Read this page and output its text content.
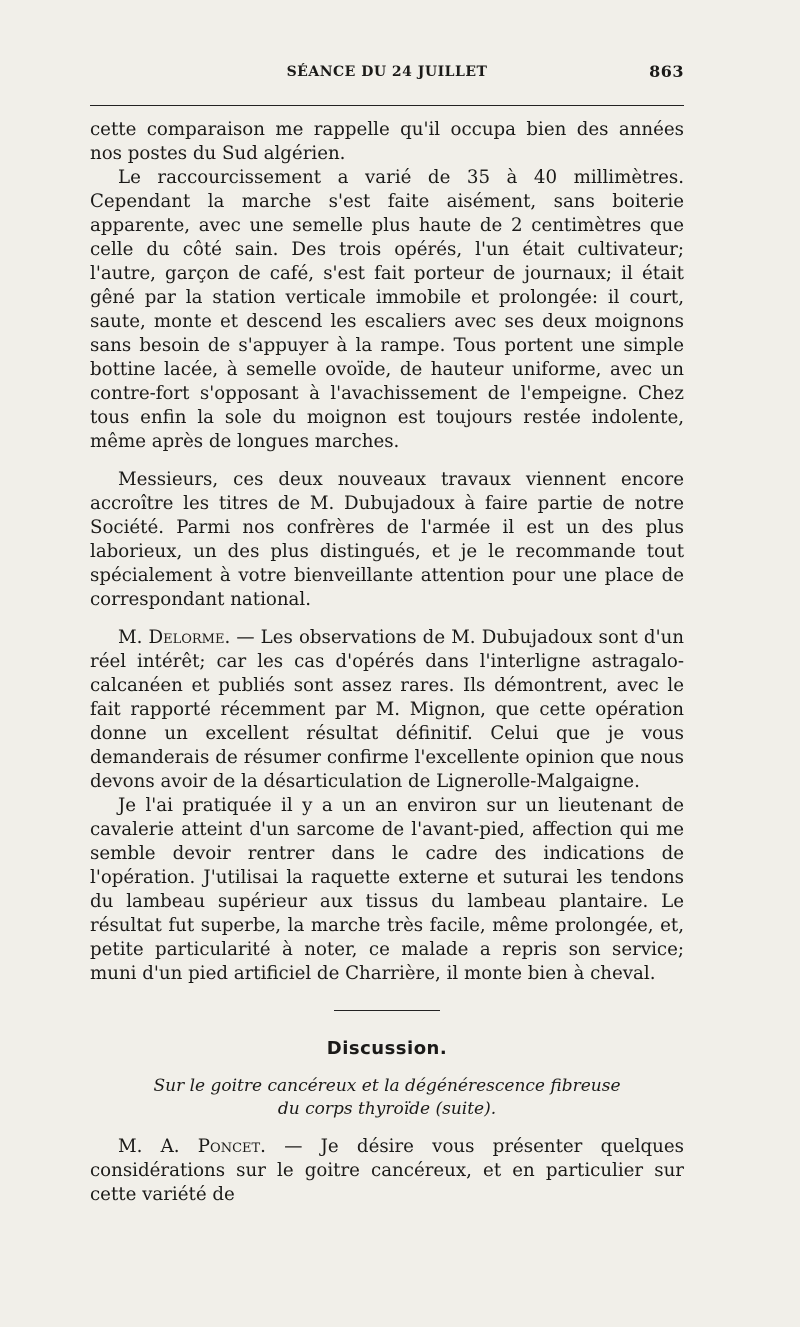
SÉANCE DU 24 JUILLET	863

cette comparaison me rappelle qu'il occupa bien des années nos postes du Sud algérien.

Le raccourcissement a varié de 35 à 40 millimètres. Cependant la marche s'est faite aisément, sans boiterie apparente, avec une semelle plus haute de 2 centimètres que celle du côté sain. Des trois opérés, l'un était cultivateur; l'autre, garçon de café, s'est fait porteur de journaux; il était gêné par la station verticale immobile et prolongée: il court, saute, monte et descend les escaliers avec ses deux moignons sans besoin de s'appuyer à la rampe. Tous portent une simple bottine lacée, à semelle ovoïde, de hauteur uniforme, avec un contre-fort s'opposant à l'avachissement de l'empeigne. Chez tous enfin la sole du moignon est toujours restée indolente, même après de longues marches.

Messieurs, ces deux nouveaux travaux viennent encore accroître les titres de M. Dubujadoux à faire partie de notre Société. Parmi nos confrères de l'armée il est un des plus laborieux, un des plus distingués, et je le recommande tout spécialement à votre bienveillante attention pour une place de correspondant national.

M. Delorme. — Les observations de M. Dubujadoux sont d'un réel intérêt; car les cas d'opérés dans l'interligne astragalo-calcanéen et publiés sont assez rares. Ils démontrent, avec le fait rapporté récemment par M. Mignon, que cette opération donne un excellent résultat définitif. Celui que je vous demanderais de résumer confirme l'excellente opinion que nous devons avoir de la désarticulation de Lignerolle-Malgaigne.

Je l'ai pratiquée il y a un an environ sur un lieutenant de cavalerie atteint d'un sarcome de l'avant-pied, affection qui me semble devoir rentrer dans le cadre des indications de l'opération. J'utilisai la raquette externe et suturai les tendons du lambeau supérieur aux tissus du lambeau plantaire. Le résultat fut superbe, la marche très facile, même prolongée, et, petite particularité à noter, ce malade a repris son service; muni d'un pied artificiel de Charrière, il monte bien à cheval.

Discussion.
Sur le goitre cancéreux et la dégénérescence fibreuse
du corps thyroïde (suite).

M. A. Poncet. — Je désire vous présenter quelques considérations sur le goitre cancéreux, et en particulier sur cette variété de
